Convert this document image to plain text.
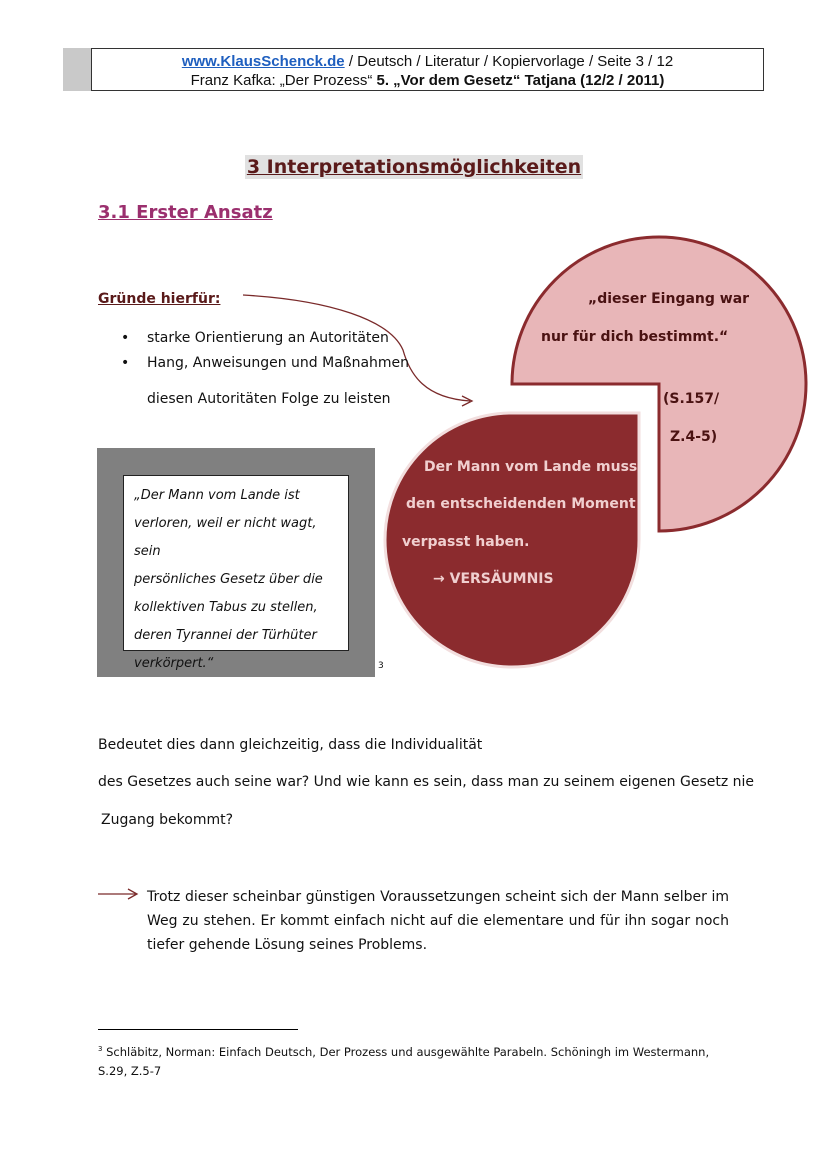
www.KlausSchenck.de / Deutsch / Literatur / Kopiervorlage / Seite 3 / 12
Franz Kafka: „Der Prozess“ 5. „Vor dem Gesetz“ Tatjana (12/2 / 2011)
3 Interpretationsmöglichkeiten
3.1 Erster Ansatz
Gründe hierfür:
• starke Orientierung an Autoritäten
• Hang, Anweisungen und Maßnahmen
diesen Autoritäten Folge zu leisten
„dieser Eingang war
nur für dich bestimmt.“
(S.157/
Z.4-5)
Der Mann vom Lande muss
den entscheidenden Moment
verpasst haben.
→ VERSÄUMNIS
„Der Mann vom Lande ist
verloren, weil er nicht wagt, sein
persönliches Gesetz über die
kollektiven Tabus zu stellen,
deren Tyrannei der Türhüter
verkörpert.“	3
Bedeutet dies dann gleichzeitig, dass die Individualität
des Gesetzes auch seine war? Und wie kann es sein, dass man zu seinem eigenen Gesetz nie
Zugang bekommt?
Trotz dieser scheinbar günstigen Voraussetzungen scheint sich der Mann selber im Weg zu stehen. Er kommt einfach nicht auf die elementare und für ihn sogar noch tiefer gehende Lösung seines Problems.
$^3$ Schläbitz, Norman: Einfach Deutsch, Der Prozess und ausgewählte Parabeln. Schöningh im Westermann, S.29, Z.5-7
